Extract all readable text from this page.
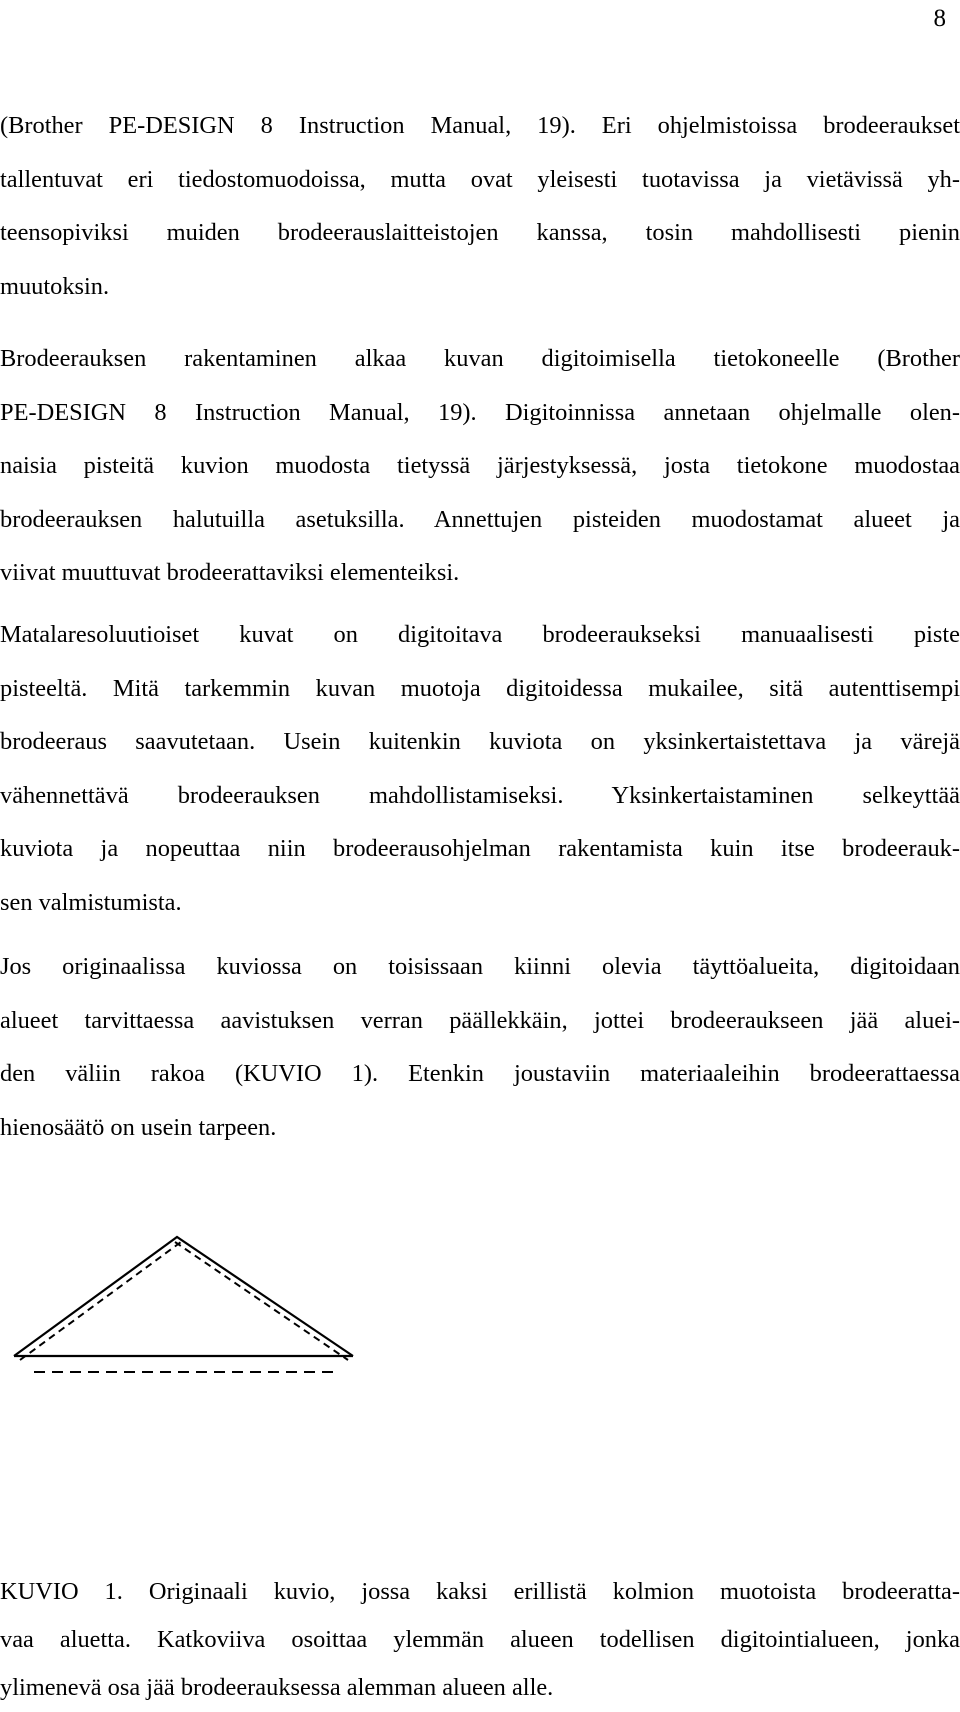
8
(Brother PE-DESIGN 8 Instruction Manual, 19). Eri ohjelmistoissa brodeeraukset
tallentuvat eri tiedostomuodoissa, mutta ovat yleisesti tuotavissa ja vietävissä yh-
teensopiviksi muiden brodeerauslaitteistojen kanssa, tosin mahdollisesti pienin
muutoksin.
Brodeerauksen rakentaminen alkaa kuvan digitoimisella tietokoneelle (Brother
PE-DESIGN 8 Instruction Manual, 19). Digitoinnissa annetaan ohjelmalle olen-
naisia pisteitä kuvion muodosta tietyssä järjestyksessä, josta tietokone muodostaa
brodeerauksen halutuilla asetuksilla. Annettujen pisteiden muodostamat alueet ja
viivat muuttuvat brodeerattaviksi elementeiksi.
Matalaresoluutioiset kuvat on digitoitava brodeeraukseksi manuaalisesti piste
pisteeltä. Mitä tarkemmin kuvan muotoja digitoidessa mukailee, sitä autenttisempi
brodeeraus saavutetaan. Usein kuitenkin kuviota on yksinkertaistettava ja värejä
vähennettävä brodeerauksen mahdollistamiseksi. Yksinkertaistaminen selkeyttää
kuviota ja nopeuttaa niin brodeerausohjelman rakentamista kuin itse brodeerauk-
sen valmistumista.
Jos originaalissa kuviossa on toisissaan kiinni olevia täyttöalueita, digitoidaan
alueet tarvittaessa aavistuksen verran päällekkäin, jottei brodeeraukseen jää aluei-
den väliin rakoa (KUVIO 1). Etenkin joustaviin materiaaleihin brodeerattaessa
hienosäätö on usein tarpeen.
KUVIO 1. Originaali kuvio, jossa kaksi erillistä kolmion muotoista brodeeratta-
vaa aluetta. Katkoviiva osoittaa ylemmän alueen todellisen digitointialueen, jonka
ylimenevä osa jää brodeerauksessa alemman alueen alle.
